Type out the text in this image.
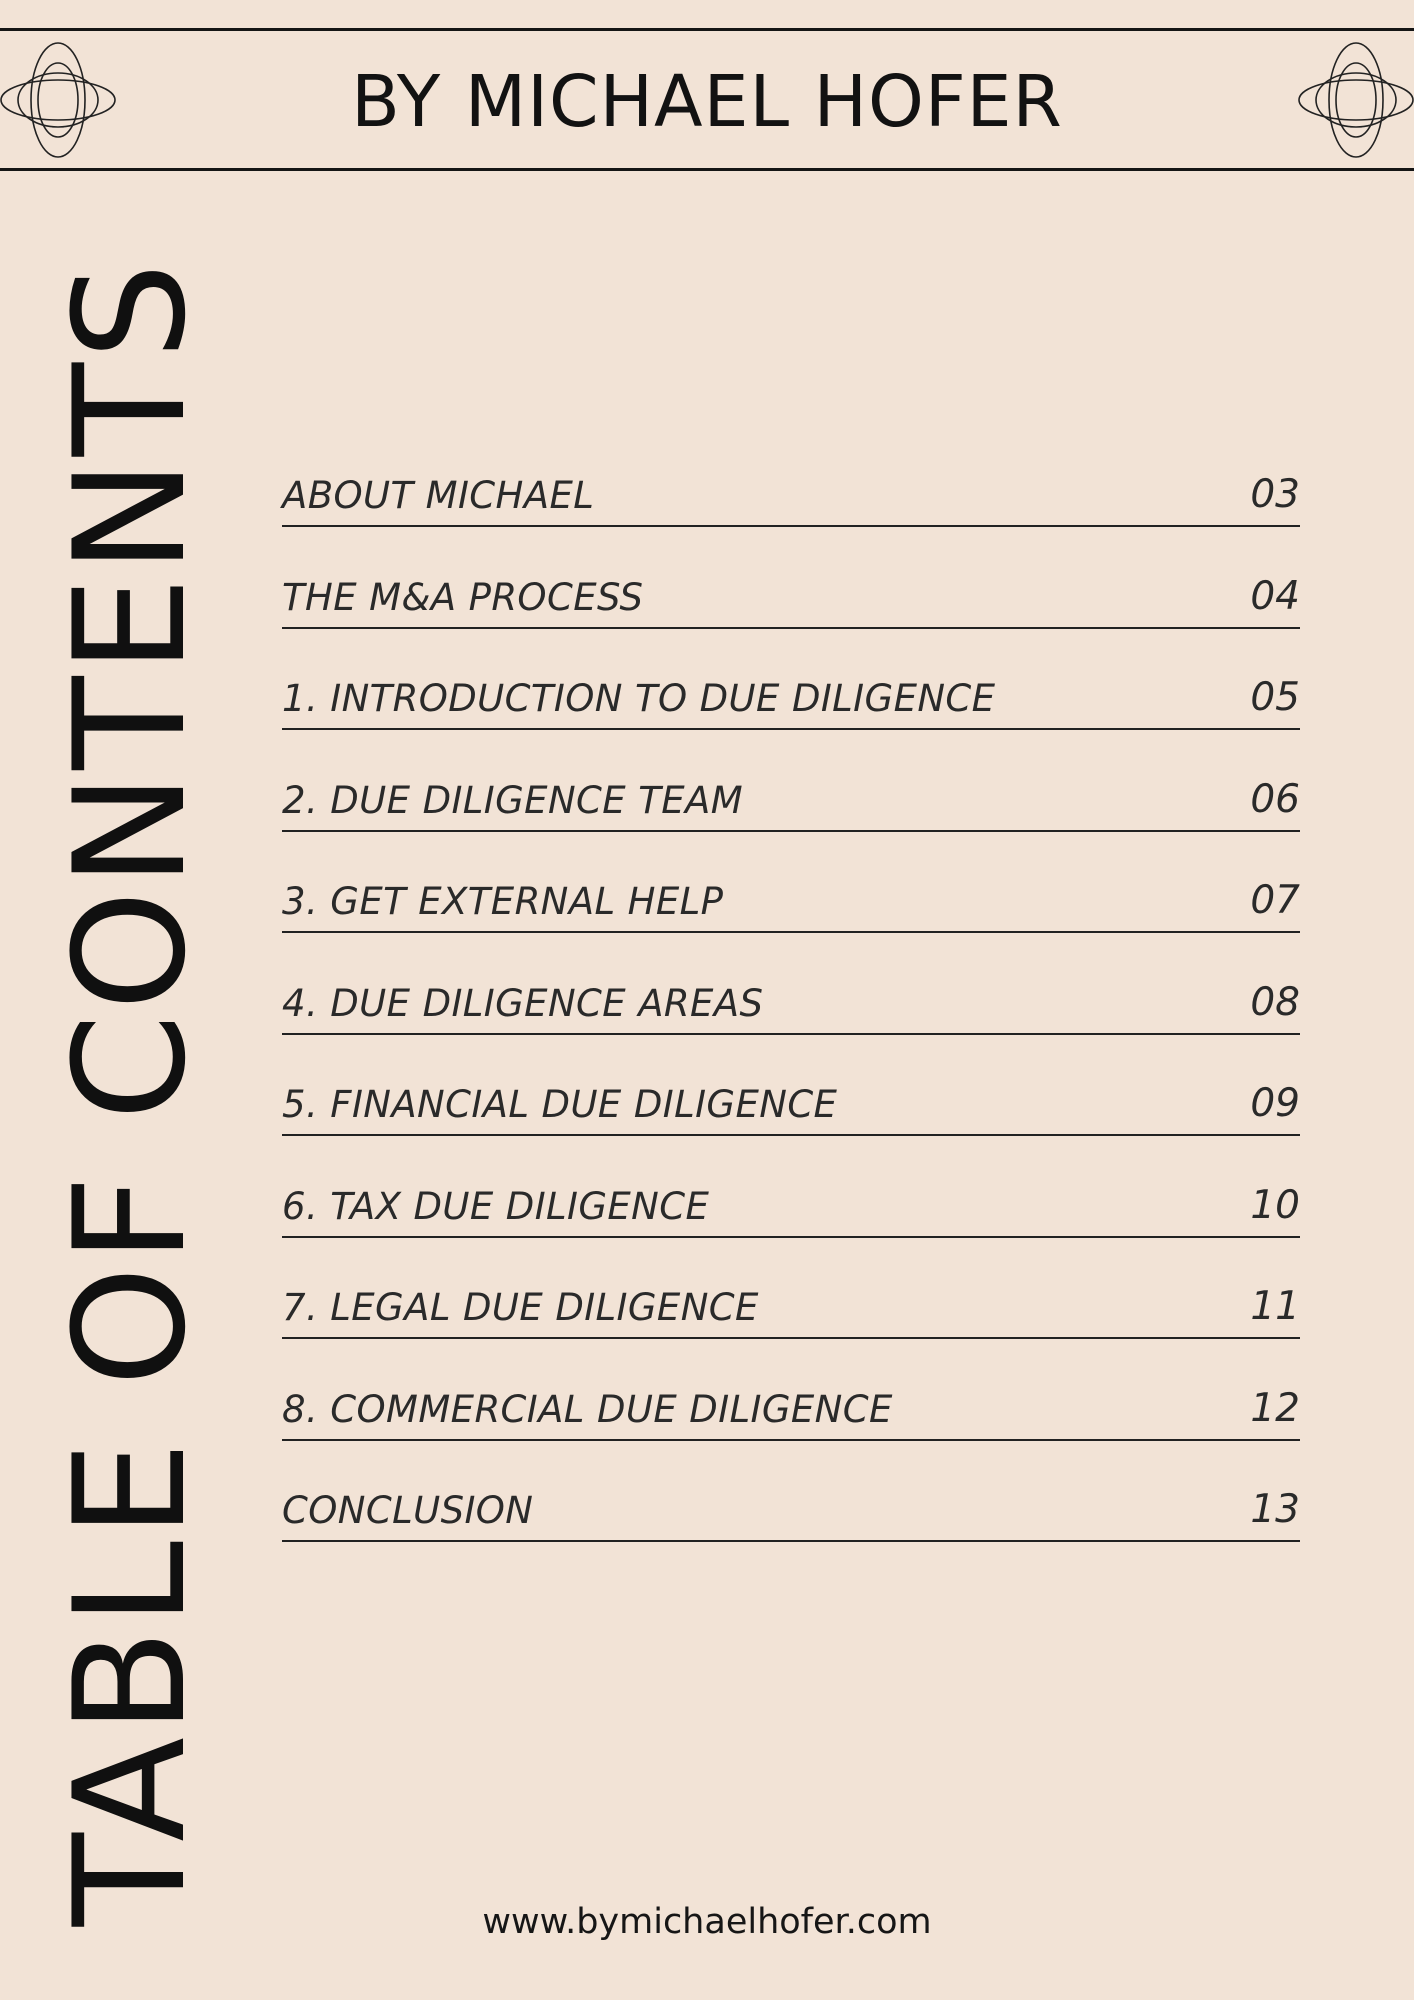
BY MICHAEL HOFER
TABLE OF CONTENTS ABOUT MICHAEL	03
THE M&A PROCESS	04
1. INTRODUCTION TO DUE DILIGENCE	05
2. DUE DILIGENCE TEAM	06
3. GET EXTERNAL HELP	07
4. DUE DILIGENCE AREAS	08
5. FINANCIAL DUE DILIGENCE	09
6. TAX DUE DILIGENCE	10
7. LEGAL DUE DILIGENCE	11
8. COMMERCIAL DUE DILIGENCE	12
CONCLUSION	13
www.bymichaelhofer.com
